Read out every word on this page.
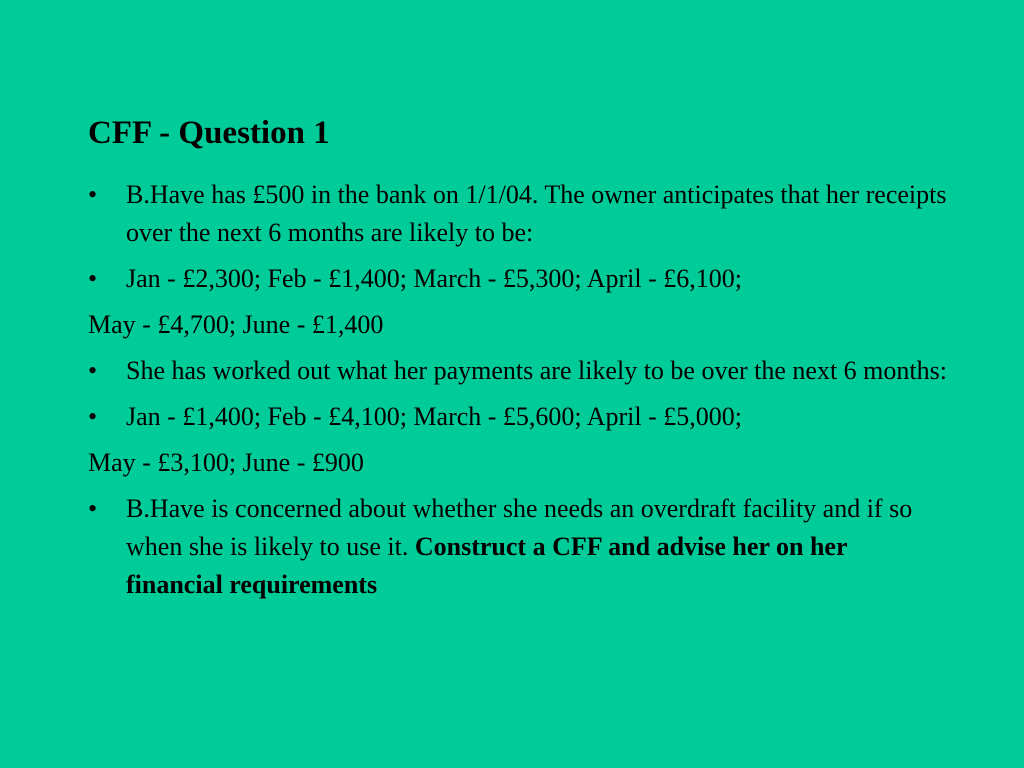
CFF - Question 1

•	B.Have has £500 in the bank on 1/1/04. The owner anticipates that her receipts over the next 6 months are likely to be:

•	Jan - £2,300; Feb - £1,400; March - £5,300; April - £6,100;

May - £4,700; June - £1,400

•	She has worked out what her payments are likely to be over the next 6 months:

•	Jan - £1,400; Feb - £4,100; March - £5,600; April - £5,000;

May - £3,100; June - £900

•	B.Have is concerned about whether she needs an overdraft facility and if so when she is likely to use it. Construct a CFF and advise her on her financial requirements
